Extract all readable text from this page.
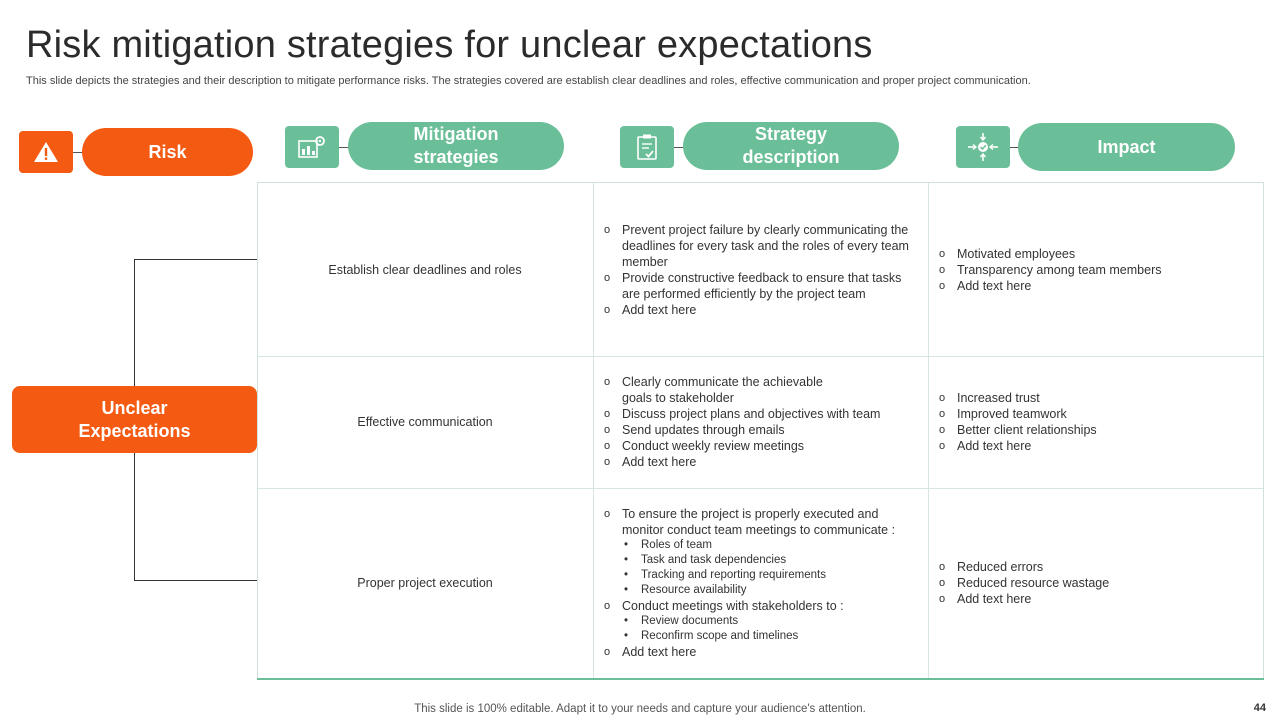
Risk mitigation strategies for unclear expectations
This slide depicts the strategies and their description to mitigate performance risks. The strategies covered are establish clear deadlines and roles, effective communication and proper project communication.
Risk
Mitigation
strategies
Strategy
description
Impact
Unclear
Expectations
Establish clear deadlines and roles
o Prevent project failure by clearly communicating the deadlines for every task and the roles of every team member
o Provide constructive feedback to ensure that tasks are performed efficiently by the project team
o Add text here
o Motivated employees
o Transparency among team members
o Add text here
Effective communication
o Clearly communicate the achievable goals to stakeholder
o Discuss project plans and objectives with team
o Send updates through emails
o Conduct weekly review meetings
o Add text here
o Increased trust
o Improved teamwork
o Better client relationships
o Add text here
Proper project execution
o To ensure the project is properly executed and monitor conduct team meetings to communicate :
• Roles of team
• Task and task dependencies
• Tracking and reporting requirements
• Resource availability
o Conduct meetings with stakeholders to :
• Review documents
• Reconfirm scope and timelines
o Add text here
o Reduced errors
o Reduced resource wastage
o Add text here
This slide is 100% editable. Adapt it to your needs and capture your audience's attention.	44
